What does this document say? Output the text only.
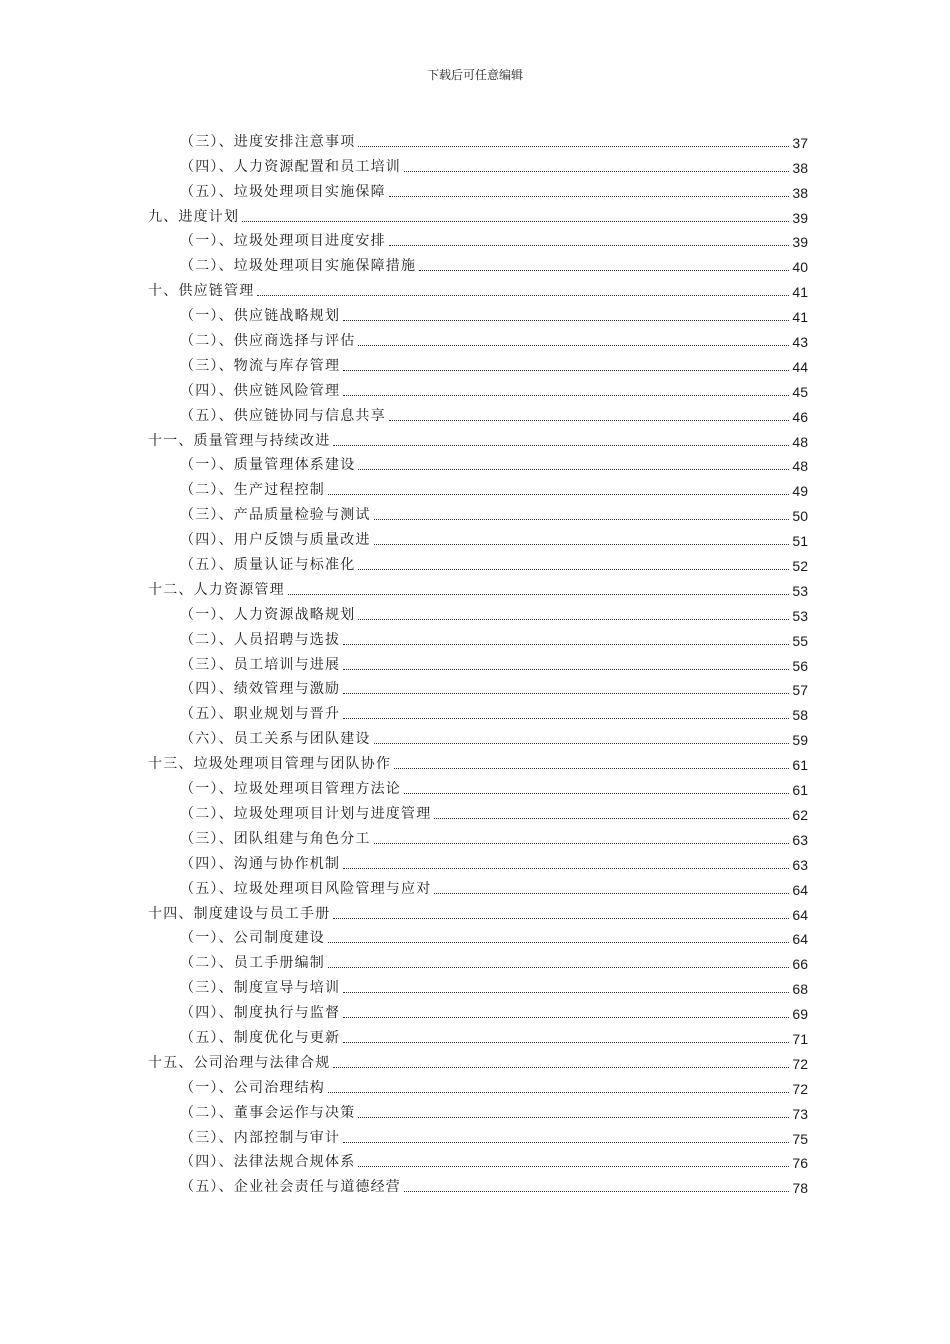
下载后可任意编辑
（三）、进度安排注意事项	37
（四）、人力资源配置和员工培训	38
（五）、垃圾处理项目实施保障	38
九、进度计划	39
（一）、垃圾处理项目进度安排	39
（二）、垃圾处理项目实施保障措施	40
十、供应链管理	41
（一）、供应链战略规划	41
（二）、供应商选择与评估	43
（三）、物流与库存管理	44
（四）、供应链风险管理	45
（五）、供应链协同与信息共享	46
十一、质量管理与持续改进	48
（一）、质量管理体系建设	48
（二）、生产过程控制	49
（三）、产品质量检验与测试	50
（四）、用户反馈与质量改进	51
（五）、质量认证与标准化	52
十二、人力资源管理	53
（一）、人力资源战略规划	53
（二）、人员招聘与选拔	55
（三）、员工培训与进展	56
（四）、绩效管理与激励	57
（五）、职业规划与晋升	58
（六）、员工关系与团队建设	59
十三、垃圾处理项目管理与团队协作	61
（一）、垃圾处理项目管理方法论	61
（二）、垃圾处理项目计划与进度管理	62
（三）、团队组建与角色分工	63
（四）、沟通与协作机制	63
（五）、垃圾处理项目风险管理与应对	64
十四、制度建设与员工手册	64
（一）、公司制度建设	64
（二）、员工手册编制	66
（三）、制度宣导与培训	68
（四）、制度执行与监督	69
（五）、制度优化与更新	71
十五、公司治理与法律合规	72
（一）、公司治理结构	72
（二）、董事会运作与决策	73
（三）、内部控制与审计	75
（四）、法律法规合规体系	76
（五）、企业社会责任与道德经营	78
